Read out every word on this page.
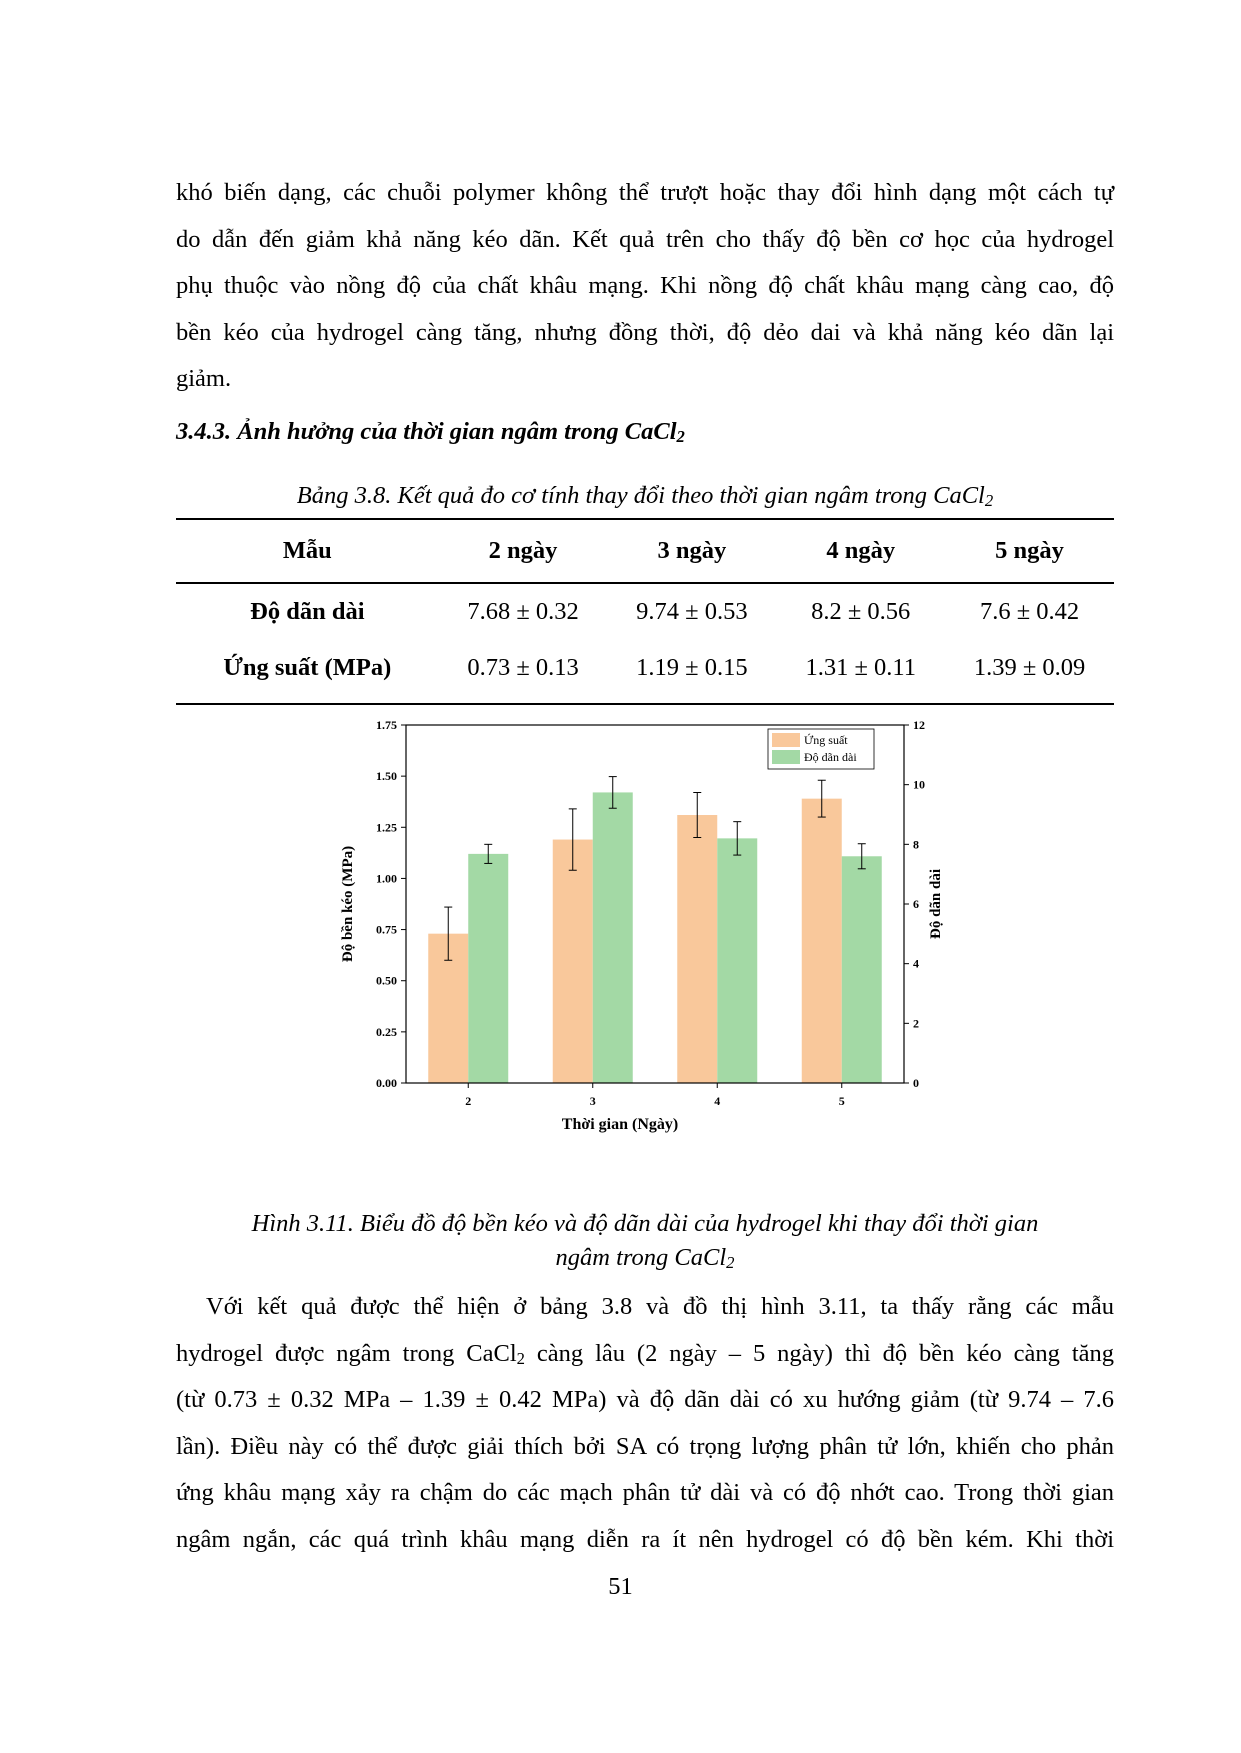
khó biến dạng, các chuỗi polymer không thể trượt hoặc thay đổi hình dạng một cách tự
do dẫn đến giảm khả năng kéo dãn. Kết quả trên cho thấy độ bền cơ học của hydrogel
phụ thuộc vào nồng độ của chất khâu mạng. Khi nồng độ chất khâu mạng càng cao, độ
bền kéo của hydrogel càng tăng, nhưng đồng thời, độ dẻo dai và khả năng kéo dãn lại
giảm.

3.4.3. Ảnh hưởng của thời gian ngâm trong CaCl$_2$

Bảng 3.8. Kết quả đo cơ tính thay đổi theo thời gian ngâm trong CaCl$_2$

Mẫu	2 ngày	3 ngày	4 ngày	5 ngày
Độ dãn dài	7.68 ± 0.32	9.74 ± 0.53	8.2 ± 0.56	7.6 ± 0.42
Ứng suất (MPa)	0.73 ± 0.13	1.19 ± 0.15	1.31 ± 0.11	1.39 ± 0.09
0.00
0.25
0.50
0.75
1.00
1.25
1.50
1.75
0
2
4
6
8
10
12
2	3	4	5
Thời gian (Ngày)
Độ bền kéo (MPa)	Độ dãn dài
Ứng suất
Độ dãn dài

Hình 3.11. Biểu đồ độ bền kéo và độ dãn dài của hydrogel khi thay đổi thời gian

ngâm trong CaCl$_2$

Với kết quả được thể hiện ở bảng 3.8 và đồ thị hình 3.11, ta thấy rằng các mẫu
hydrogel được ngâm trong CaCl$_2$ càng lâu (2 ngày – 5 ngày) thì độ bền kéo càng tăng
(từ 0.73 ± 0.32 MPa – 1.39 ± 0.42 MPa) và độ dãn dài có xu hướng giảm (từ 9.74 – 7.6
lần). Điều này có thể được giải thích bởi SA có trọng lượng phân tử lớn, khiến cho phản
ứng khâu mạng xảy ra chậm do các mạch phân tử dài và có độ nhớt cao. Trong thời gian
ngâm ngắn, các quá trình khâu mạng diễn ra ít nên hydrogel có độ bền kém. Khi thời
51
